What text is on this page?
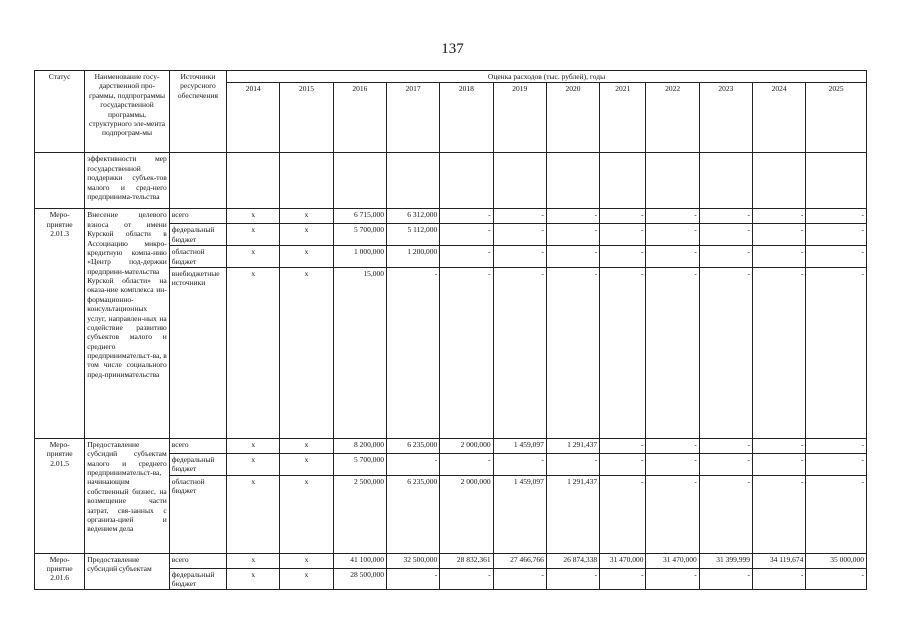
137
Статус	Наименование госу-дарственной про-граммы, подпрограммы государственной программы, структурного эле-мента подпрограм-мы	Источники ресурсного обеспечения	Оценка расходов (тыс. рублей), годы											
			2014	2015	2016	2017	2018	2019	2020	2021	2022	2023	2024	2025
	эффективности мер государственной поддержки субъек-тов малого и сред-него предпринима-тельства													
Меро-приятие 2.01.3	Внесение целевого взноса от имени Курской области в Ассоциацию микро-кредитную компа-нию «Центр под-держки предприни-мательства Курской области» на оказа-ние комплекса ин-формационно-консультационных услуг, направлен-ных на содействие развитию субъектов малого и среднего предпринимательст-ва, в том числе социального пред-принимательства	всего	x	x	6 715,000	6 312,000	-	-	-	-	-	-	-	-
		федеральный бюджет	x	x	5 700,000	5 112,000	-	-	-	-	-	-	-	-
		областной бюджет	x	x	1 000,000	1 200,000	-	-	-	-	-	-	-	-
		внебюджетные источники	x	x	15,000	-	-	-	-	-	-	-	-	-
Меро-приятие 2.01.5	Предоставление субсидий субъектам малого и среднего предпринимательст-ва, начинающим собственный бизнес, на возмещение части затрат, свя-занных с организа-цией и ведением дела	всего	x	x	8 200,000	6 235,000	2 000,000	1 459,097	1 291,437	-	-	-	-	-
		федеральный бюджет	x	x	5 700,000	-	-	-	-	-	-	-	-	-
		областной бюджет	x	x	2 500,000	6 235,000	2 000,000	1 459,097	1 291,437	-	-	-	-	-
Меро-приятие 2.01.6	Предоставление субсидий субъектам	всего	x	x	41 100,000	32 500,000	28 832,361	27 466,766	26 874,338	31 470,000	31 470,000	31 399,999	34 119,674	35 000,000
		федеральный бюджет	x	x	28 500,000	-	-	-	-	-	-	-	-	-
